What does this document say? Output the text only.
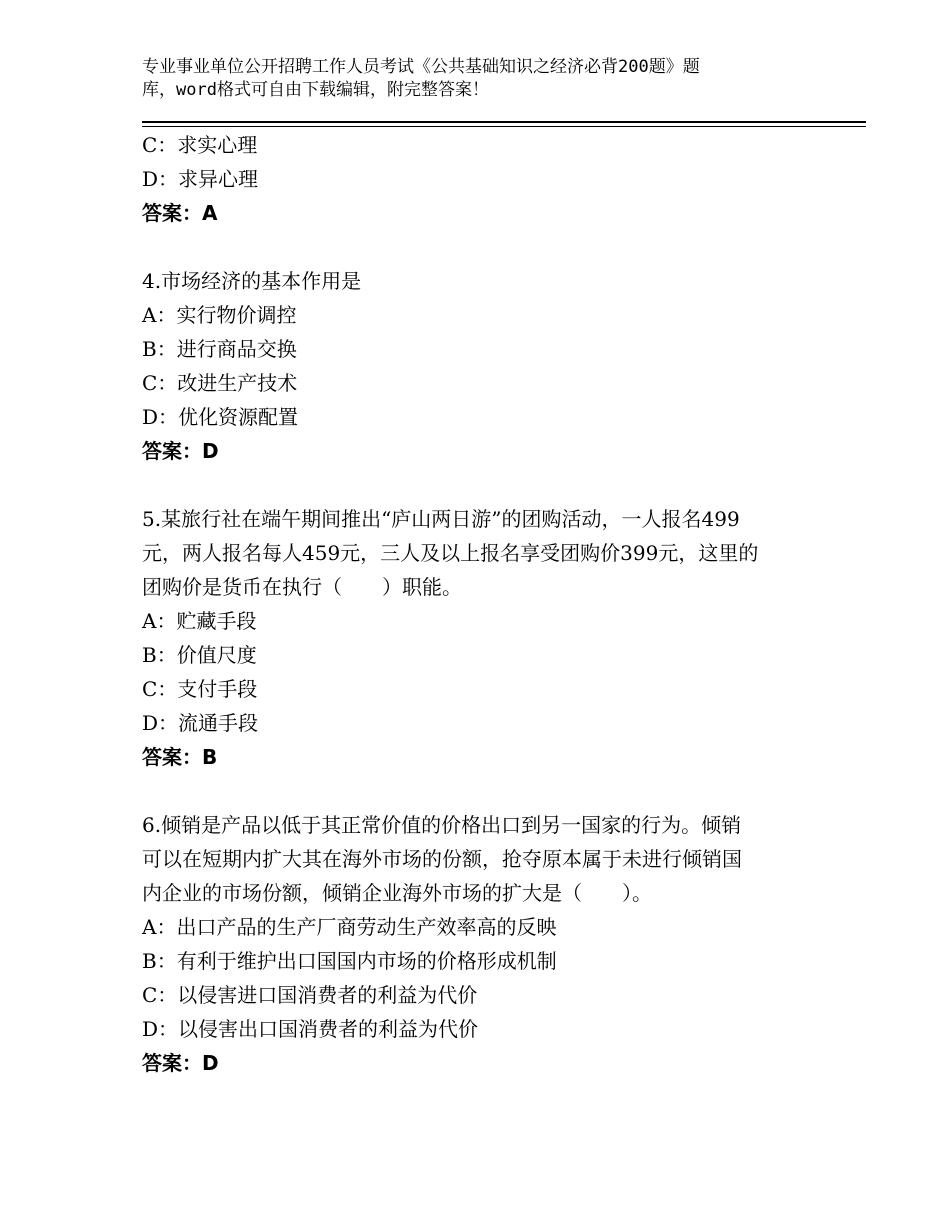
专业事业单位公开招聘工作人员考试《公共基础知识之经济必背200题》题
库，word格式可自由下载编辑，附完整答案！

C：求实心理

D：求异心理

答案：A

4.市场经济的基本作用是

A：实行物价调控

B：进行商品交换

C：改进生产技术

D：优化资源配置

答案：D

5.某旅行社在端午期间推出“庐山两日游”的团购活动，一人报名499

元，两人报名每人459元，三人及以上报名享受团购价399元，这里的

团购价是货币在执行（　　）职能。

A：贮藏手段

B：价值尺度

C：支付手段

D：流通手段

答案：B

6.倾销是产品以低于其正常价值的价格出口到另一国家的行为。倾销

可以在短期内扩大其在海外市场的份额，抢夺原本属于未进行倾销国

内企业的市场份额，倾销企业海外市场的扩大是（　　）。

A：出口产品的生产厂商劳动生产效率高的反映

B：有利于维护出口国国内市场的价格形成机制

C：以侵害进口国消费者的利益为代价

D：以侵害出口国消费者的利益为代价

答案：D
